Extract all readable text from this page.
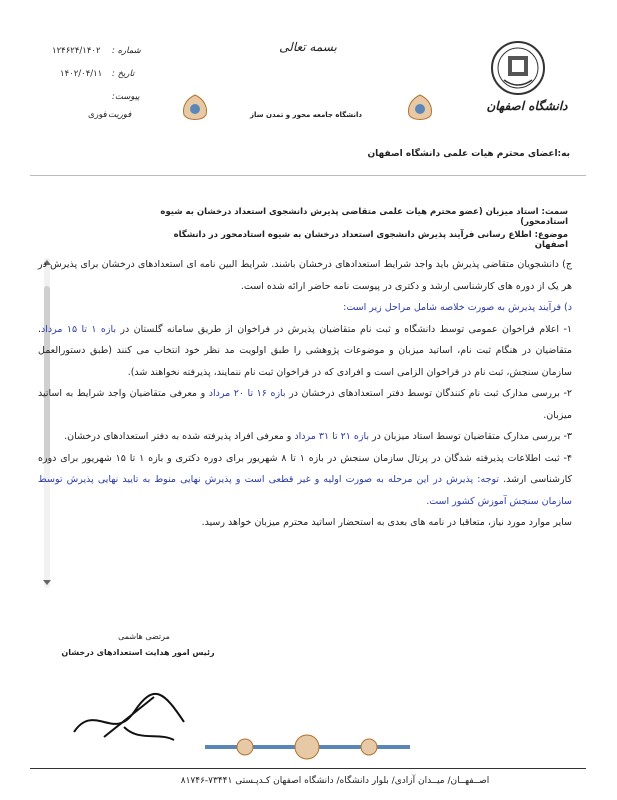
دانشگاه اصفهان
بسمه تعالی
دانشگاه جامعه محور و تمدن ساز
۱۲۴۶۲۴/۱۴۰۲ شماره :
۱۴۰۲/۰۴/۱۱ تاریخ :
پیوست:
فوریت
فوری
به:اعضای محترم هیات علمی دانشگاه اصفهان
سمت: استاد میزبان (عضو محترم هیات علمی متقاضی پذیرش دانشجوی استعداد درخشان به شیوه استادمحور)
موضوع: اطلاع رسانی فرآیند پذیرش دانشجوی استعداد درخشان به شیوه استادمحور در دانشگاه اصفهان

ج) دانشجویان متقاضی پذیرش باید واجد شرایط استعدادهای درخشان باشند. شرایط ا‌لبین نامه ای استعدادهای درخشان برای پذیرش در هر یک از دوره های کارشناسی ارشد و دکتری در پیوست نامه حاضر ارائه شده است.

د) فرآیند پذیرش به صورت خلاصه شامل مراحل زیر است:

۱- اعلام فراخوان عمومی توسط دانشگاه و ثبت نام متقاضیان پذیرش در فراخوان از طریق سامانه گلستان در بازه ۱ تا ۱۵ مرداد. متقاضیان در هنگام ثبت نام، اساتید میزبان و موضوعات پژوهشی را طبق اولویت مد نظر خود انتخاب می کنند (طبق دستورالعمل سازمان سنجش، ثبت نام در فراخوان الزامی است و افرادی که در فراخوان ثبت نام ننمایند، پذیرفته نخواهند شد).

۲- بررسی مدارک ثبت نام کنندگان توسط دفتر استعدادهای درخشان در بازه ۱۶ تا ۲۰ مرداد و معرفی متقاضیان واجد شرایط به اساتید میزبان.

۳- بررسی مدارک متقاضیان توسط استاد میزبان در بازه ۲۱ تا ۳۱ مرداد و معرفی افراد پذیرفته شده به دفتر استعدادهای درخشان.

۴- ثبت اطلاعات پذیرفته شدگان در پرتال سازمان سنجش در بازه ۱ تا ۸ شهریور برای دوره دکتری و بازه ۱ تا ۱۵ شهریور برای دوره کارشناسی ارشد. توجه: پذیرش در این مرحله به صورت اولیه و غیر قطعی است و پذیرش نهایی منوط به تایید نهایی پذیرش توسط سازمان سنجش آموزش کشور است.

سایر موارد مورد نیاز، متعاقبا در نامه های بعدی به استحضار اساتید محترم میزبان خواهد رسید.

مرتضی هاشمی
رئیس امور هدایت استعدادهای درخشان
اصــفهــان/ میــدان آزادی/ بلوار دانشگاه/ دانشگاه اصفهان کـدپـستی ۷۳۴۴۱-۸۱۷۴۶
